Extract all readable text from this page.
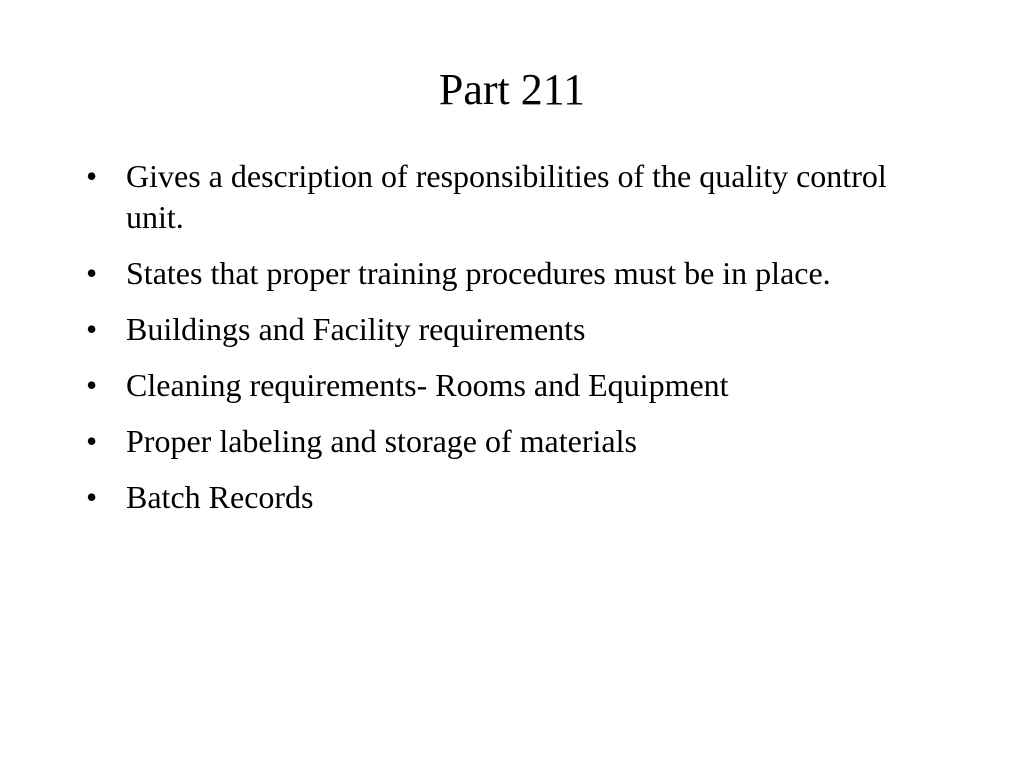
Part 211
• Gives a description of responsibilities of the quality control unit.
• States that proper training procedures must be in place.
• Buildings and Facility requirements
• Cleaning requirements- Rooms and Equipment
• Proper labeling and storage of materials
• Batch Records
